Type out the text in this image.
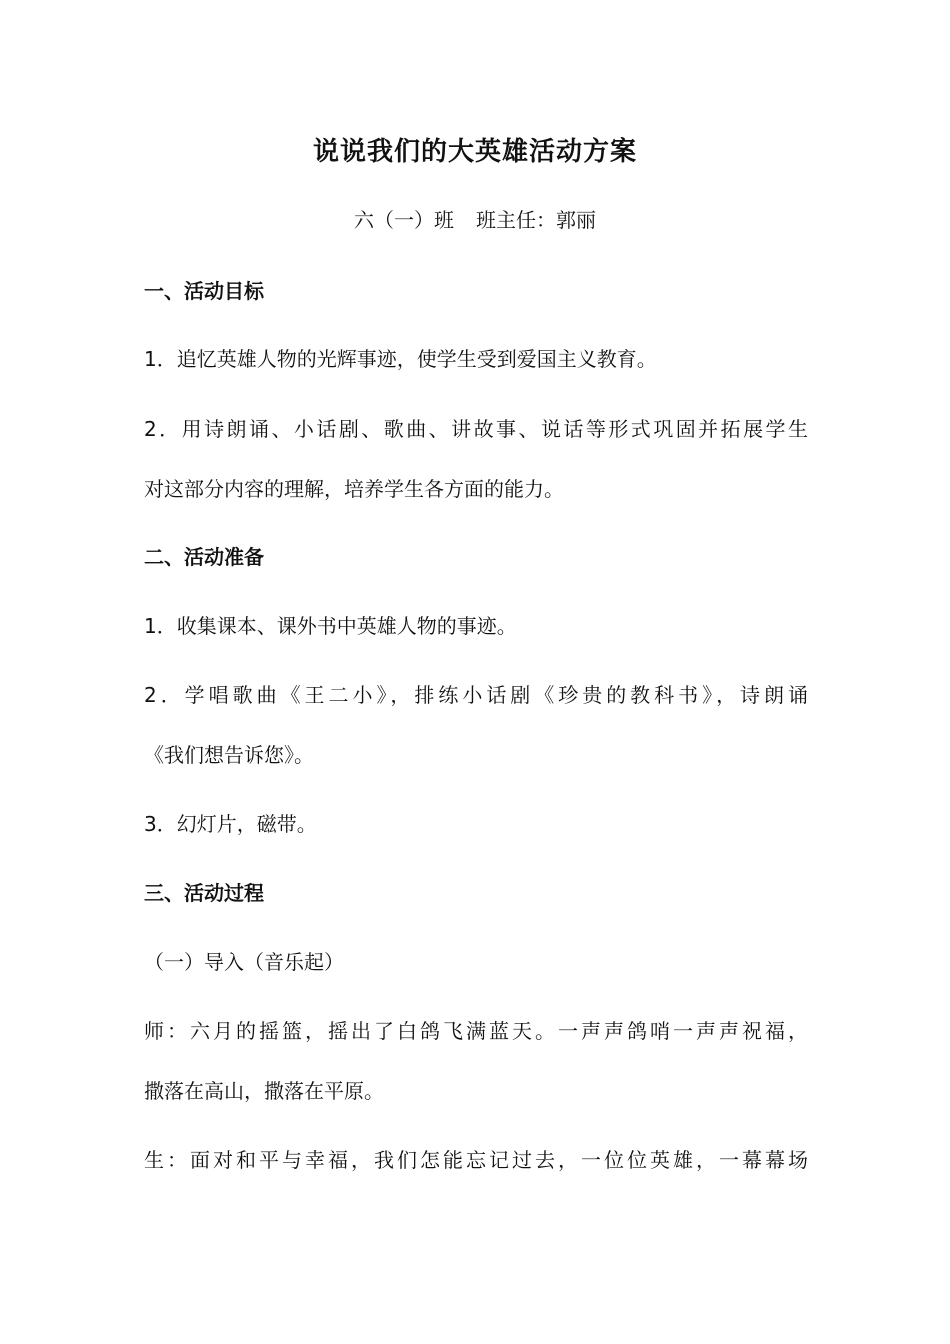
说说我们的大英雄活动方案
六（一）班 班主任：郭丽
一、活动目标
1．追忆英雄人物的光辉事迹，使学生受到爱国主义教育。
2．用诗朗诵、小话剧、歌曲、讲故事、说话等形式巩固并拓展学生
对这部分内容的理解，培养学生各方面的能力。
二、活动准备
1．收集课本、课外书中英雄人物的事迹。
2．学唱歌曲《王二小》，排练小话剧《珍贵的教科书》，诗朗诵
《我们想告诉您》。
3．幻灯片，磁带。
三、活动过程
（一）导入（音乐起）
师：六月的摇篮，摇出了白鸽飞满蓝天。一声声鸽哨一声声祝福，
撒落在高山，撒落在平原。
生：面对和平与幸福，我们怎能忘记过去，一位位英雄，一幕幕场
